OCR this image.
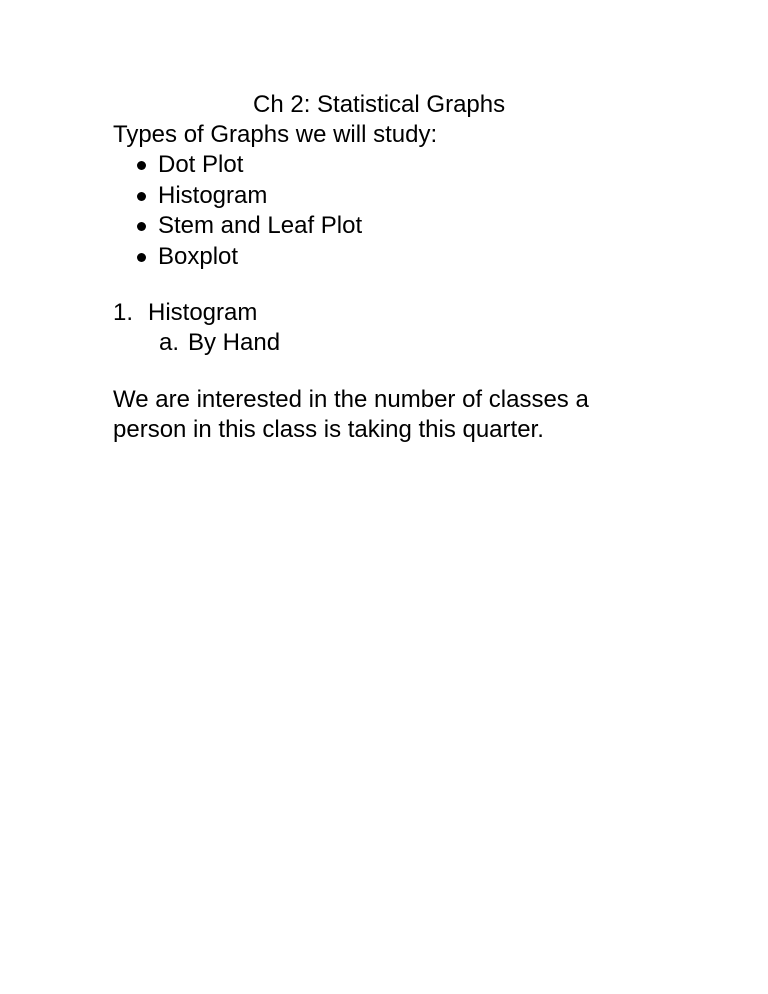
Ch 2: Statistical Graphs
Types of Graphs we will study:
Dot Plot
Histogram
Stem and Leaf Plot
Boxplot
1. Histogram
a. By Hand

We are interested in the number of classes a
person in this class is taking this quarter.
